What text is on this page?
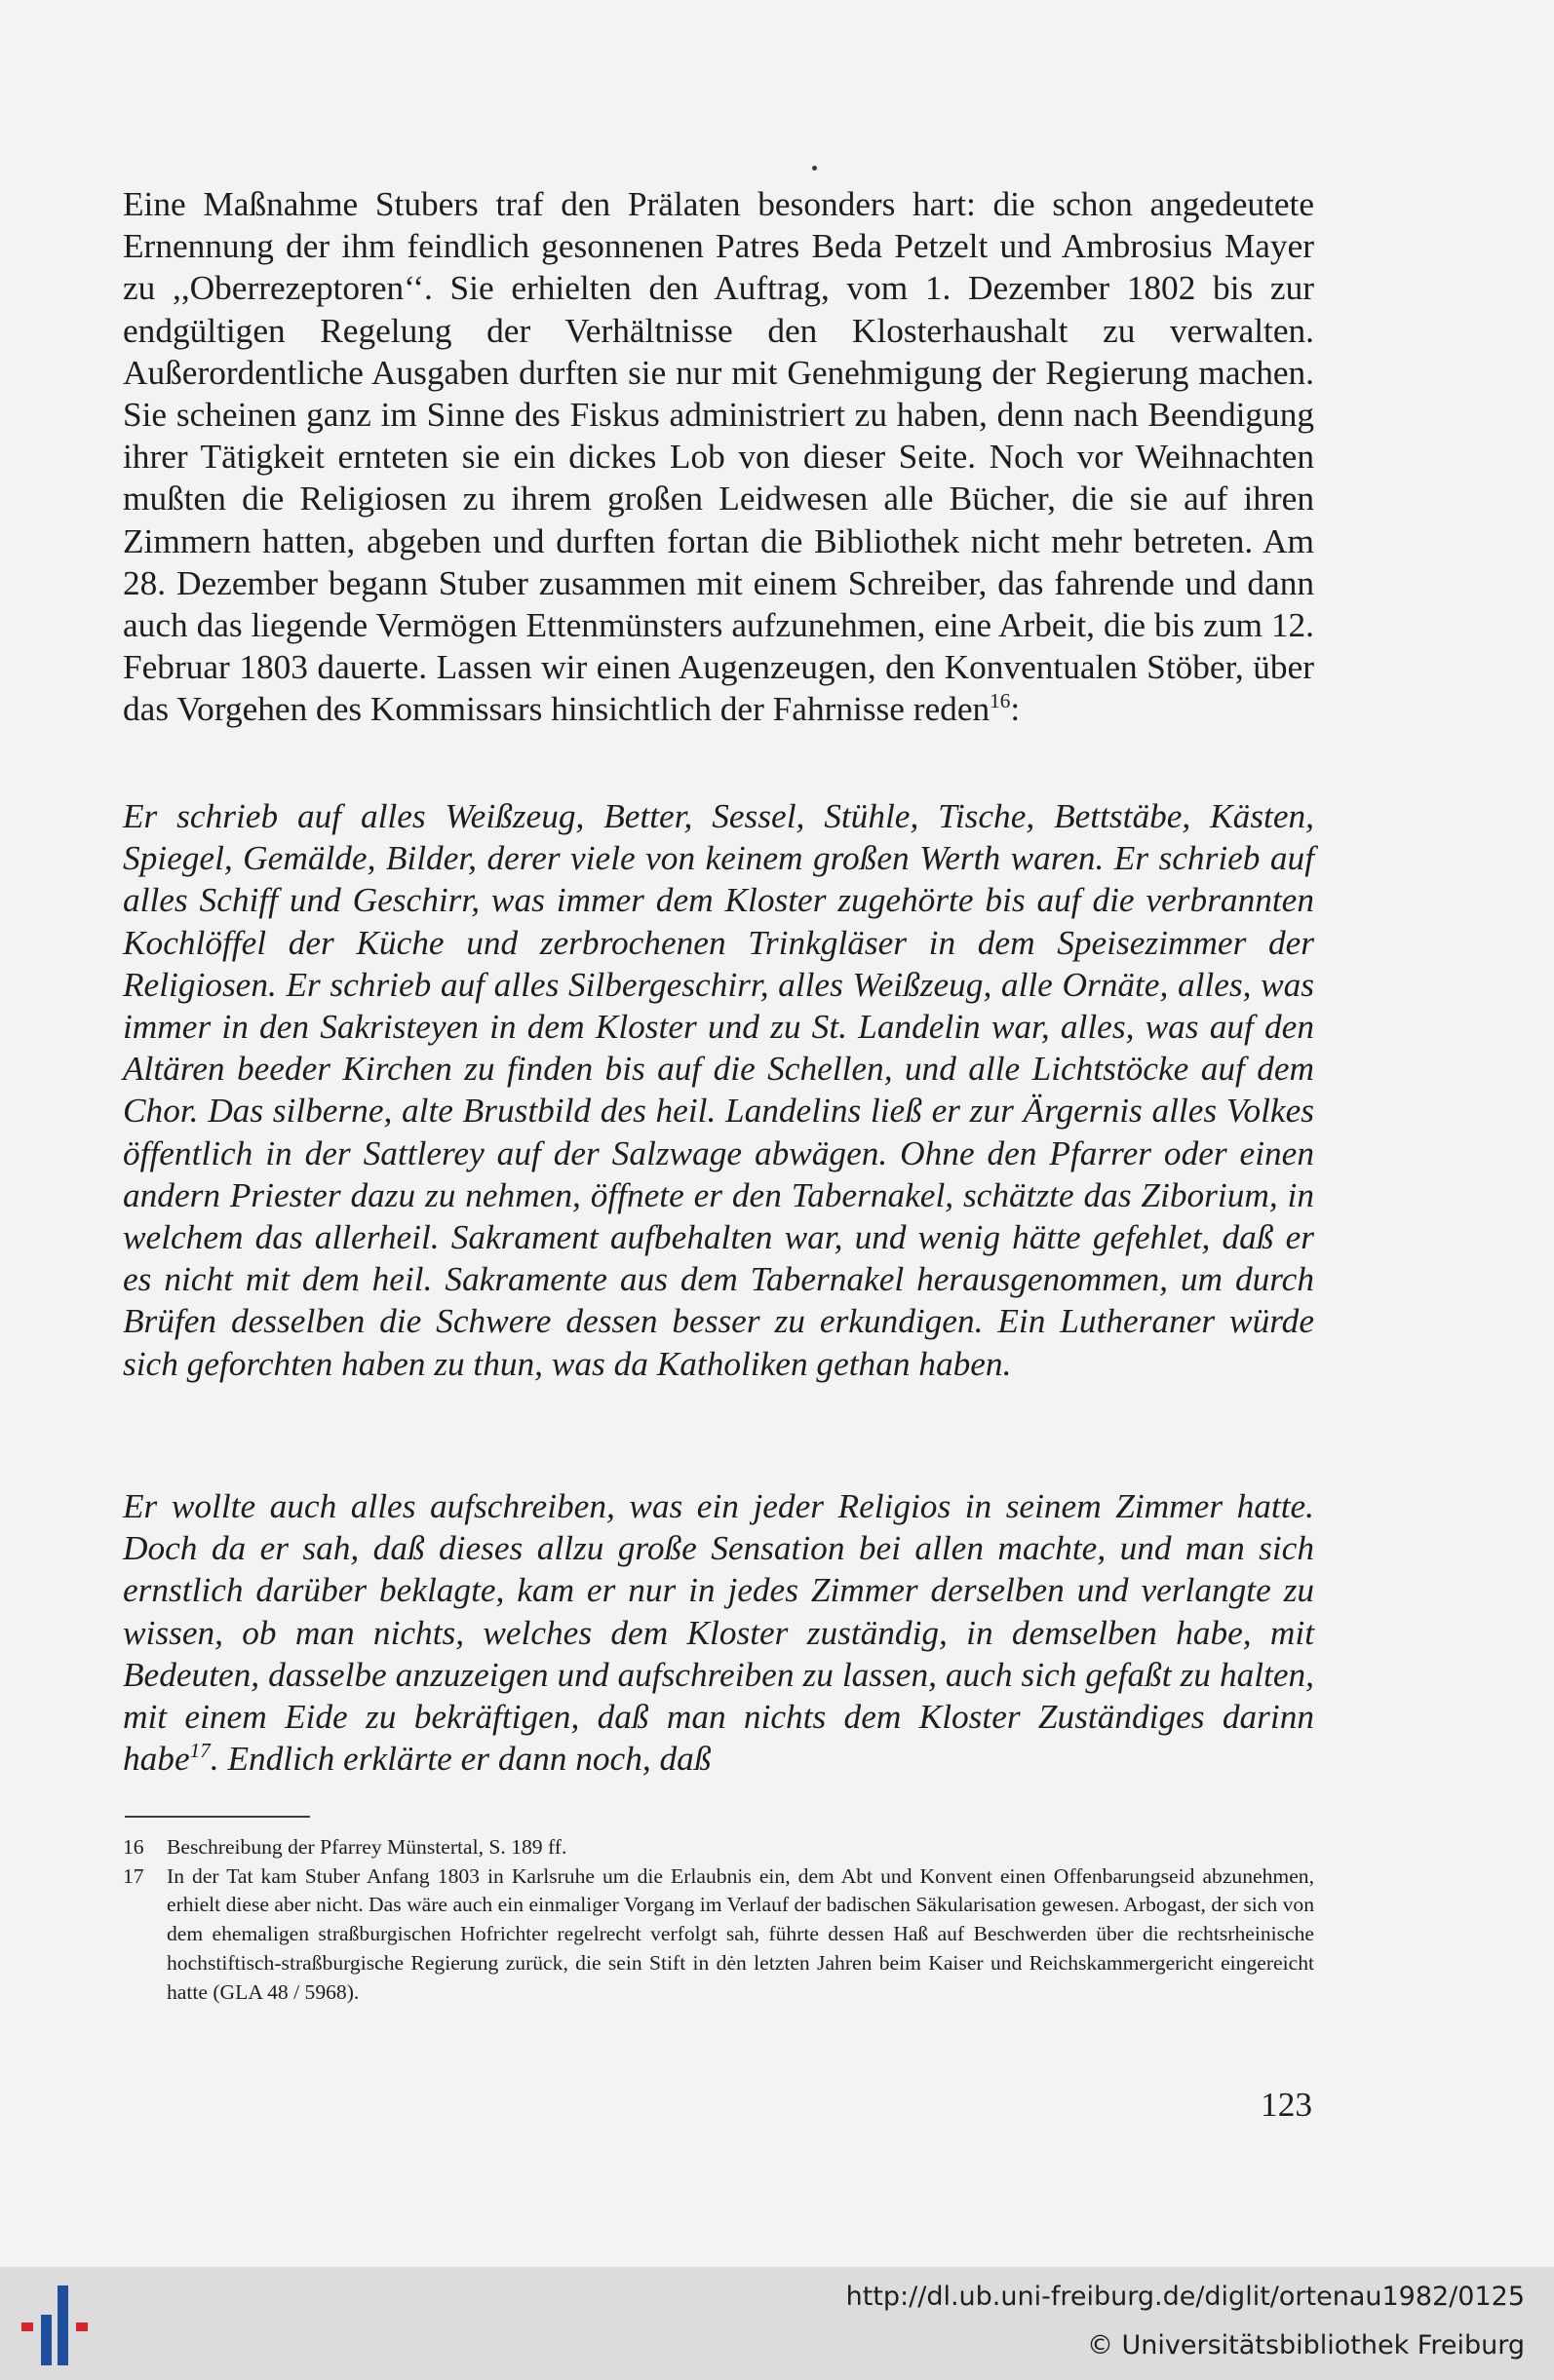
Eine Maßnahme Stubers traf den Prälaten besonders hart: die schon angedeutete Ernennung der ihm feindlich gesonnenen Patres Beda Petzelt und Ambrosius Mayer zu ,,Oberrezeptoren‘‘. Sie erhielten den Auftrag, vom 1. Dezember 1802 bis zur endgültigen Regelung der Verhältnisse den Klosterhaushalt zu verwalten. Außerordentliche Ausgaben durften sie nur mit Genehmigung der Regierung machen. Sie scheinen ganz im Sinne des Fiskus administriert zu haben, denn nach Beendigung ihrer Tätigkeit ernteten sie ein dickes Lob von dieser Seite. Noch vor Weihnachten mußten die Religiosen zu ihrem großen Leidwesen alle Bücher, die sie auf ihren Zimmern hatten, abgeben und durften fortan die Bibliothek nicht mehr betreten. Am 28. Dezember begann Stuber zusammen mit einem Schreiber, das fahrende und dann auch das liegende Vermögen Ettenmünsters aufzunehmen, eine Arbeit, die bis zum 12. Februar 1803 dauerte. Lassen wir einen Augenzeugen, den Konventualen Stöber, über das Vorgehen des Kommissars hinsichtlich der Fahrnisse reden$^{16}$:

Er schrieb auf alles Weißzeug, Better, Sessel, Stühle, Tische, Bettstäbe, Kästen, Spiegel, Gemälde, Bilder, derer viele von keinem großen Werth waren. Er schrieb auf alles Schiff und Geschirr, was immer dem Kloster zugehörte bis auf die verbrannten Kochlöffel der Küche und zerbrochenen Trinkgläser in dem Speisezimmer der Religiosen. Er schrieb auf alles Silbergeschirr, alles Weißzeug, alle Ornäte, alles, was immer in den Sakristeyen in dem Kloster und zu St. Landelin war, alles, was auf den Altären beeder Kirchen zu finden bis auf die Schellen, und alle Lichtstöcke auf dem Chor. Das silberne, alte Brustbild des heil. Landelins ließ er zur Ärgernis alles Volkes öffentlich in der Sattlerey auf der Salzwage abwägen. Ohne den Pfarrer oder einen andern Priester dazu zu nehmen, öffnete er den Tabernakel, schätzte das Ziborium, in welchem das allerheil. Sakrament aufbehalten war, und wenig hätte gefehlet, daß er es nicht mit dem heil. Sakramente aus dem Tabernakel herausgenommen, um durch Brüfen desselben die Schwere dessen besser zu erkundigen. Ein Lutheraner würde sich geforchten haben zu thun, was da Katholiken gethan haben.

Er wollte auch alles aufschreiben, was ein jeder Religios in seinem Zimmer hatte. Doch da er sah, daß dieses allzu große Sensation bei allen machte, und man sich ernstlich darüber beklagte, kam er nur in jedes Zimmer derselben und verlangte zu wissen, ob man nichts, welches dem Kloster zuständig, in demselben habe, mit Bedeuten, dasselbe anzuzeigen und aufschreiben zu lassen, auch sich gefaßt zu halten, mit einem Eide zu bekräftigen, daß man nichts dem Kloster Zuständiges darinn habe$^{17}$. Endlich erklärte er dann noch, daß

16	Beschreibung der Pfarrey Münstertal, S. 189 ff.
17	In der Tat kam Stuber Anfang 1803 in Karlsruhe um die Erlaubnis ein, dem Abt und Konvent einen Offenbarungseid abzunehmen, erhielt diese aber nicht. Das wäre auch ein einmaliger Vorgang im Verlauf der badischen Säkularisation gewesen. Arbogast, der sich von dem ehemaligen straßburgischen Hofrichter regelrecht verfolgt sah, führte dessen Haß auf Beschwerden über die rechtsrheinische hochstiftisch-straßburgische Regierung zurück, die sein Stift in dėn letzten Jahren beim Kaiser und Reichskammergericht eingereicht hatte (GLA 48 / 5968).
123
http://dl.ub.uni-freiburg.de/diglit/ortenau1982/0125
© Universitätsbibliothek Freiburg
